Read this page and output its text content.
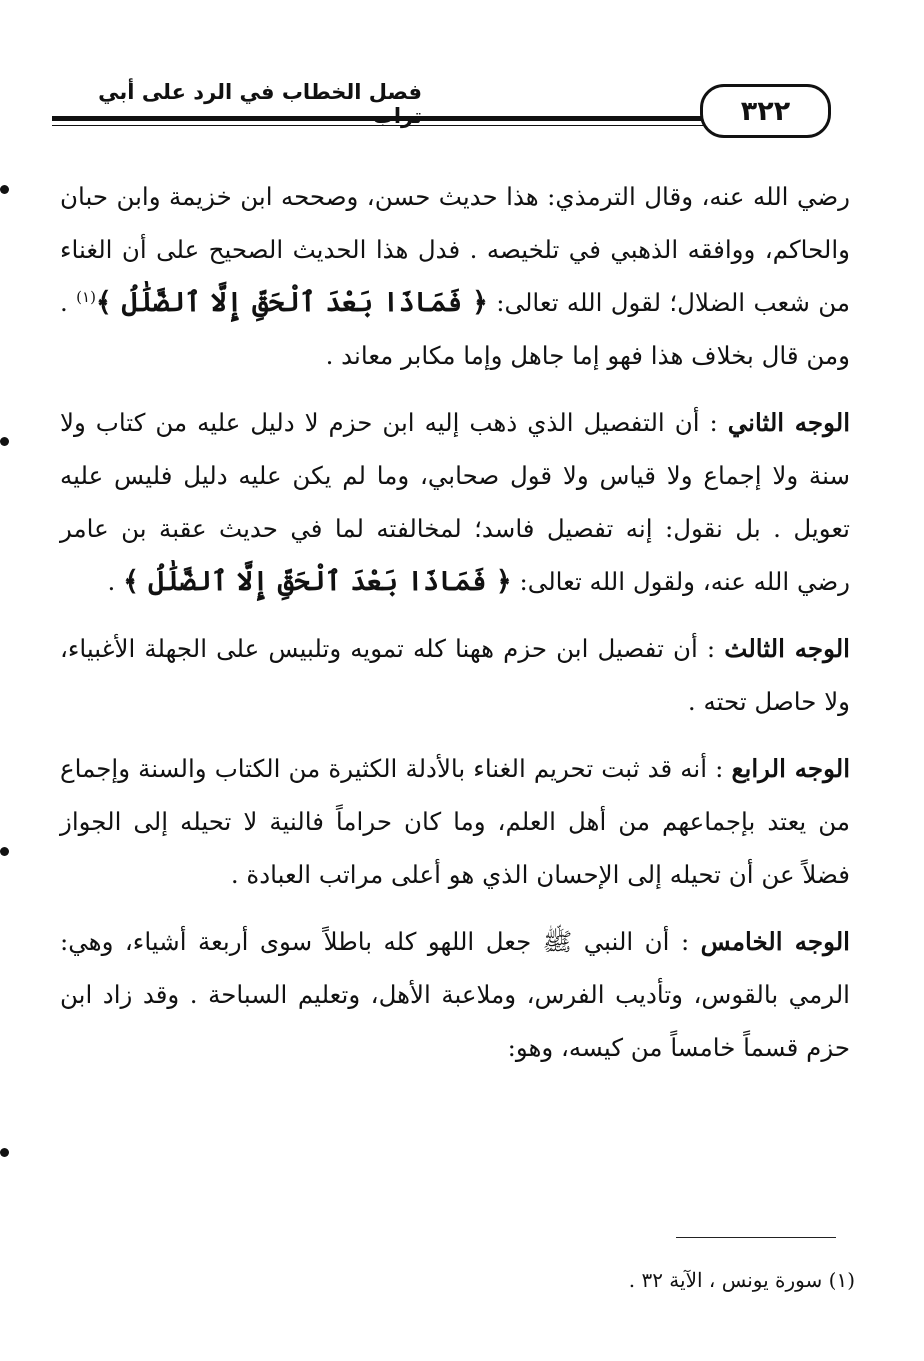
٣٢٢
فصل الخطاب في الرد على أبي

رضي الله عنه، وقال الترمذي: هذا حديث حسن، وصححه ابن خزيمة وابن حبان والحاكم، ووافقه الذهبي في تلخيصه . فدل هذا الحديث الصحيح على أن الغناء من شعب الضلال؛ لقول الله تعالى: ﴿ فَمَاذَا بَعْدَ ٱلْحَقِّ إِلَّا ٱلضَّلَٰلُ ﴾$^{(١)}$ . ومن قال بخلاف هذا فهو إما جاهل وإما مكابر معاند .

الوجه الثاني : أن التفصيل الذي ذهب إليه ابن حزم لا دليل عليه من كتاب ولا سنة ولا إجماع ولا قياس ولا قول صحابي، وما لم يكن عليه دليل فليس عليه تعويل . بل نقول: إنه تفصيل فاسد؛ لمخالفته لما في حديث عقبة بن عامر رضي الله عنه، ولقول الله تعالى: ﴿ فَمَاذَا بَعْدَ ٱلْحَقِّ إِلَّا ٱلضَّلَٰلُ ﴾ .

الوجه الثالث : أن تفصيل ابن حزم ههنا كله تمويه وتلبيس على الجهلة الأغبياء، ولا حاصل تحته .

الوجه الرابع : أنه قد ثبت تحريم الغناء بالأدلة الكثيرة من الكتاب والسنة وإجماع من يعتد بإجماعهم من أهل العلم، وما كان حراماً فالنية لا تحيله إلى الجواز فضلاً عن أن تحيله إلى الإحسان الذي هو أعلى مراتب العبادة .

الوجه الخامس : أن النبي ﷺ جعل اللهو كله باطلاً سوى أربعة أشياء، وهي: الرمي بالقوس، وتأديب الفرس، وملاعبة الأهل، وتعليم السباحة . وقد زاد ابن حزم قسماً خامساً من كيسه، وهو:

(١) سورة يونس ، الآية ٣٢ .
